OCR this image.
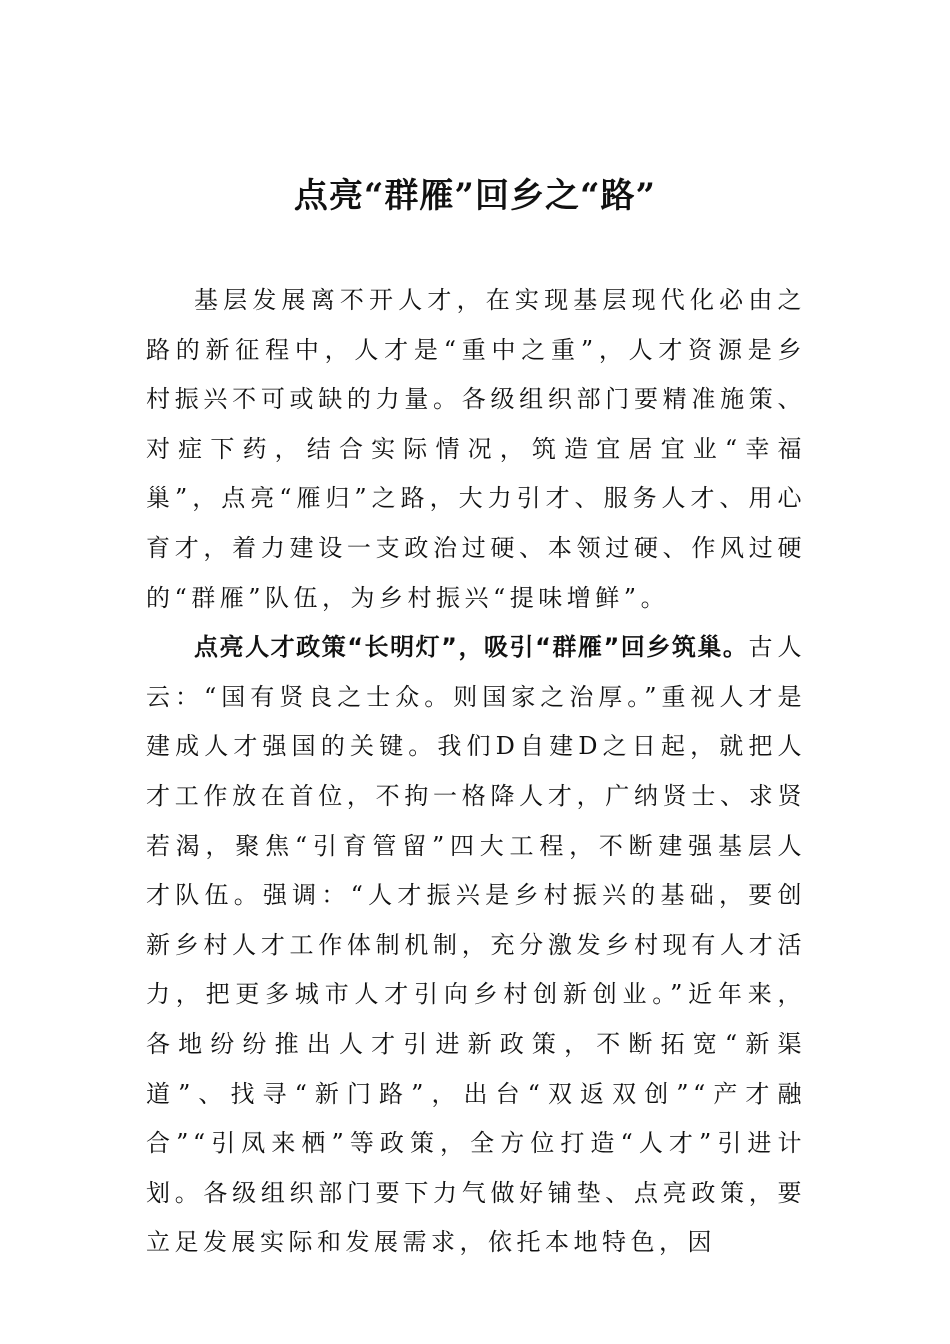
点亮“群雁”回乡之“路”

基层发展离不开人才，在实现基层现代化必由之路的新征程中，人才是“重中之重”，人才资源是乡村振兴不可或缺的力量。各级组织部门要精准施策、对症下药，结合实际情况，筑造宜居宜业“幸福巢”，点亮“雁归”之路，大力引才、服务人才、用心育才，着力建设一支政治过硬、本领过硬、作风过硬的“群雁”队伍，为乡村振兴“提味增鲜”。

点亮人才政策“长明灯”，吸引“群雁”回乡筑巢。古人云：“国有贤良之士众。则国家之治厚。”重视人才是建成人才强国的关键。我们D自建D之日起，就把人才工作放在首位，不拘一格降人才，广纳贤士、求贤若渴，聚焦“引育管留”四大工程，不断建强基层人才队伍。强调：“人才振兴是乡村振兴的基础，要创新乡村人才工作体制机制，充分激发乡村现有人才活力，把更多城市人才引向乡村创新创业。”近年来，各地纷纷推出人才引进新政策，不断拓宽“新渠道”、找寻“新门路”，出台“双返双创”“产才融合”“引凤来栖”等政策，全方位打造“人才”引进计划。各级组织部门要下力气做好铺垫、点亮政策，要立足发展实际和发展需求，依托本地特色，因
